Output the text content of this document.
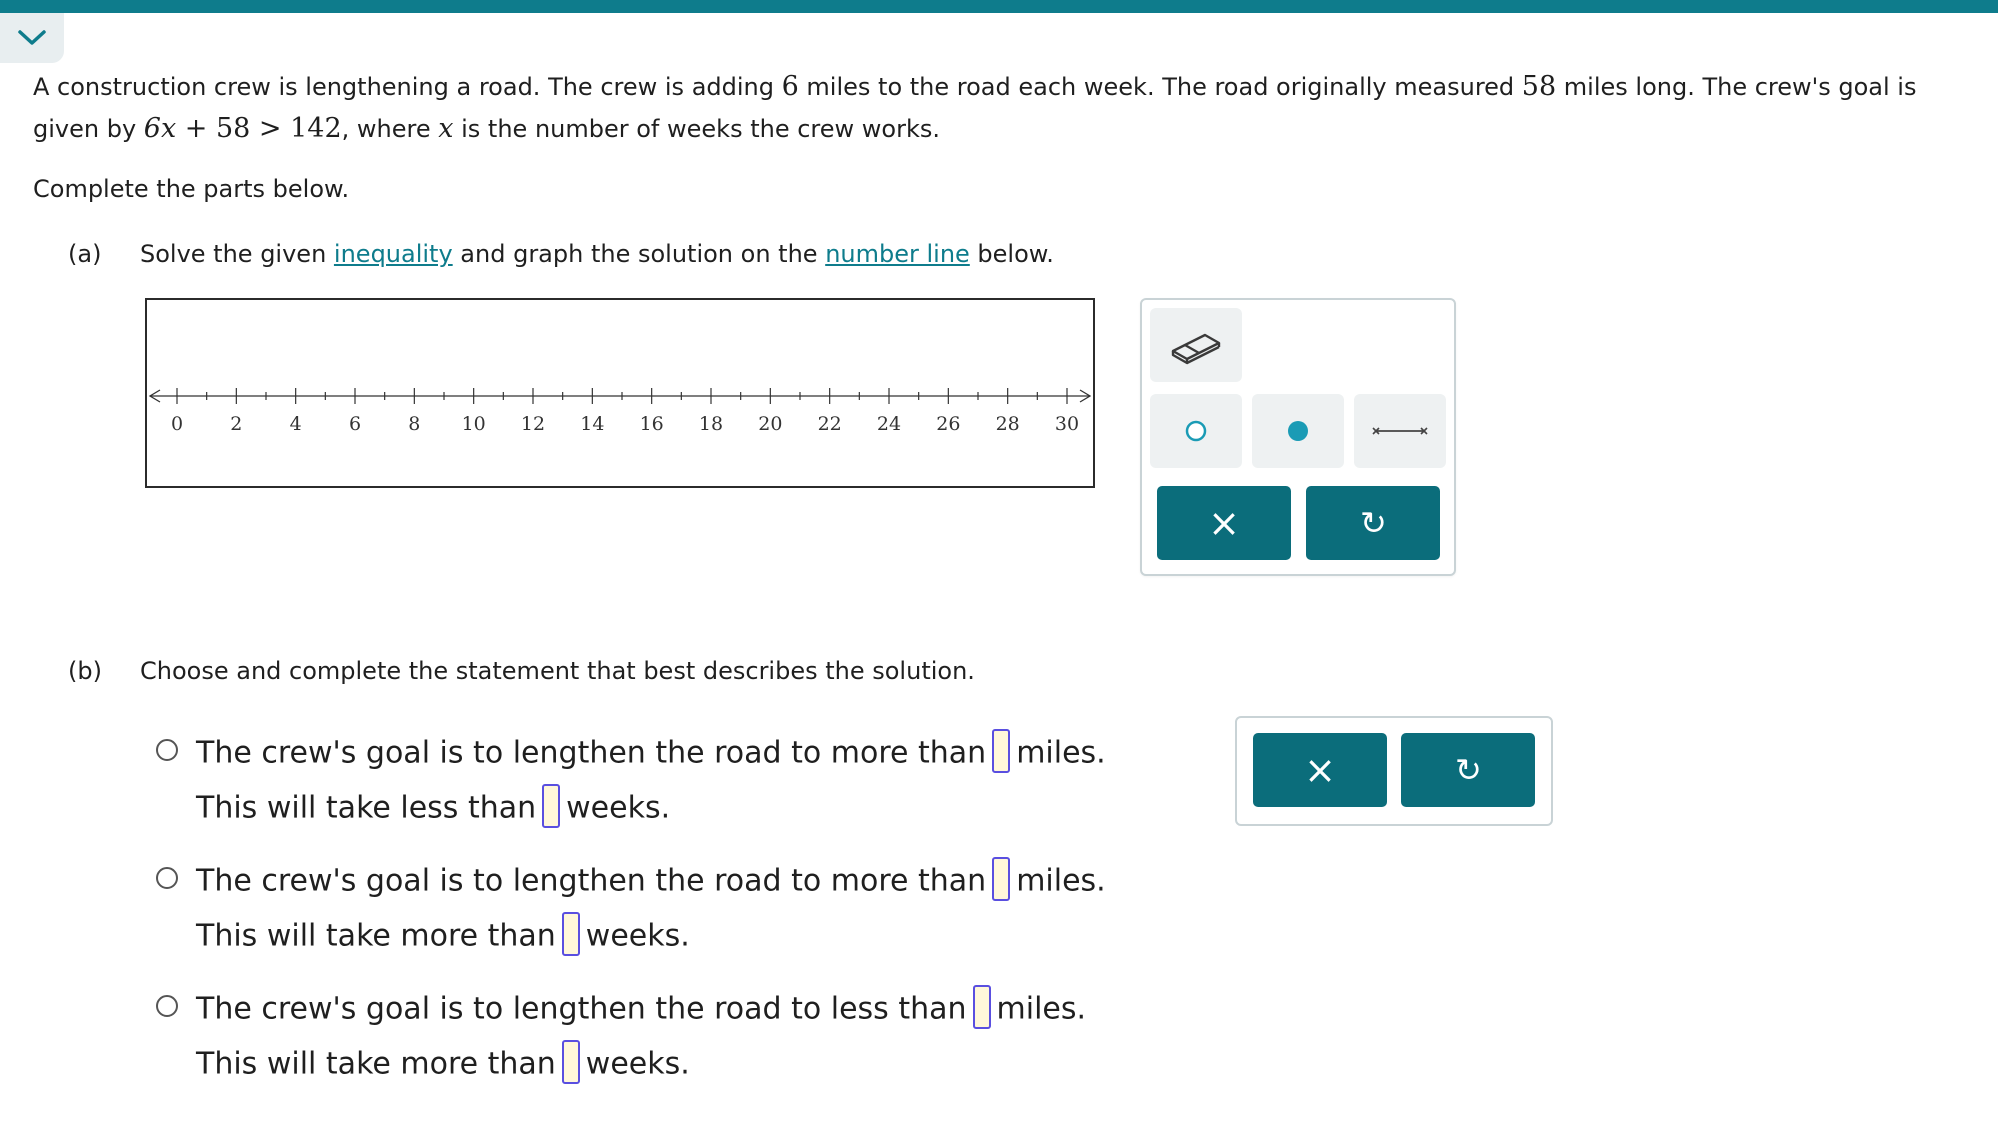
A construction crew is lengthening a road. The crew is adding 6 miles to the road each week. The road originally measured 58 miles long. The crew's goal is
given by 6x + 58 > 142, where x is the number of weeks the crew works.
Complete the parts below.
(a) Solve the given inequality and graph the solution on the number line below.
0 2 4 6 8 10 12 14 16 18 20 22 24 26 28 30
×	↺
(b) Choose and complete the statement that best describes the solution.
The crew's goal is to lengthen the road to more than miles.
This will take less than weeks.
The crew's goal is to lengthen the road to more than miles.
This will take more than weeks.
The crew's goal is to lengthen the road to less than miles.
This will take more than weeks.
×	↺
